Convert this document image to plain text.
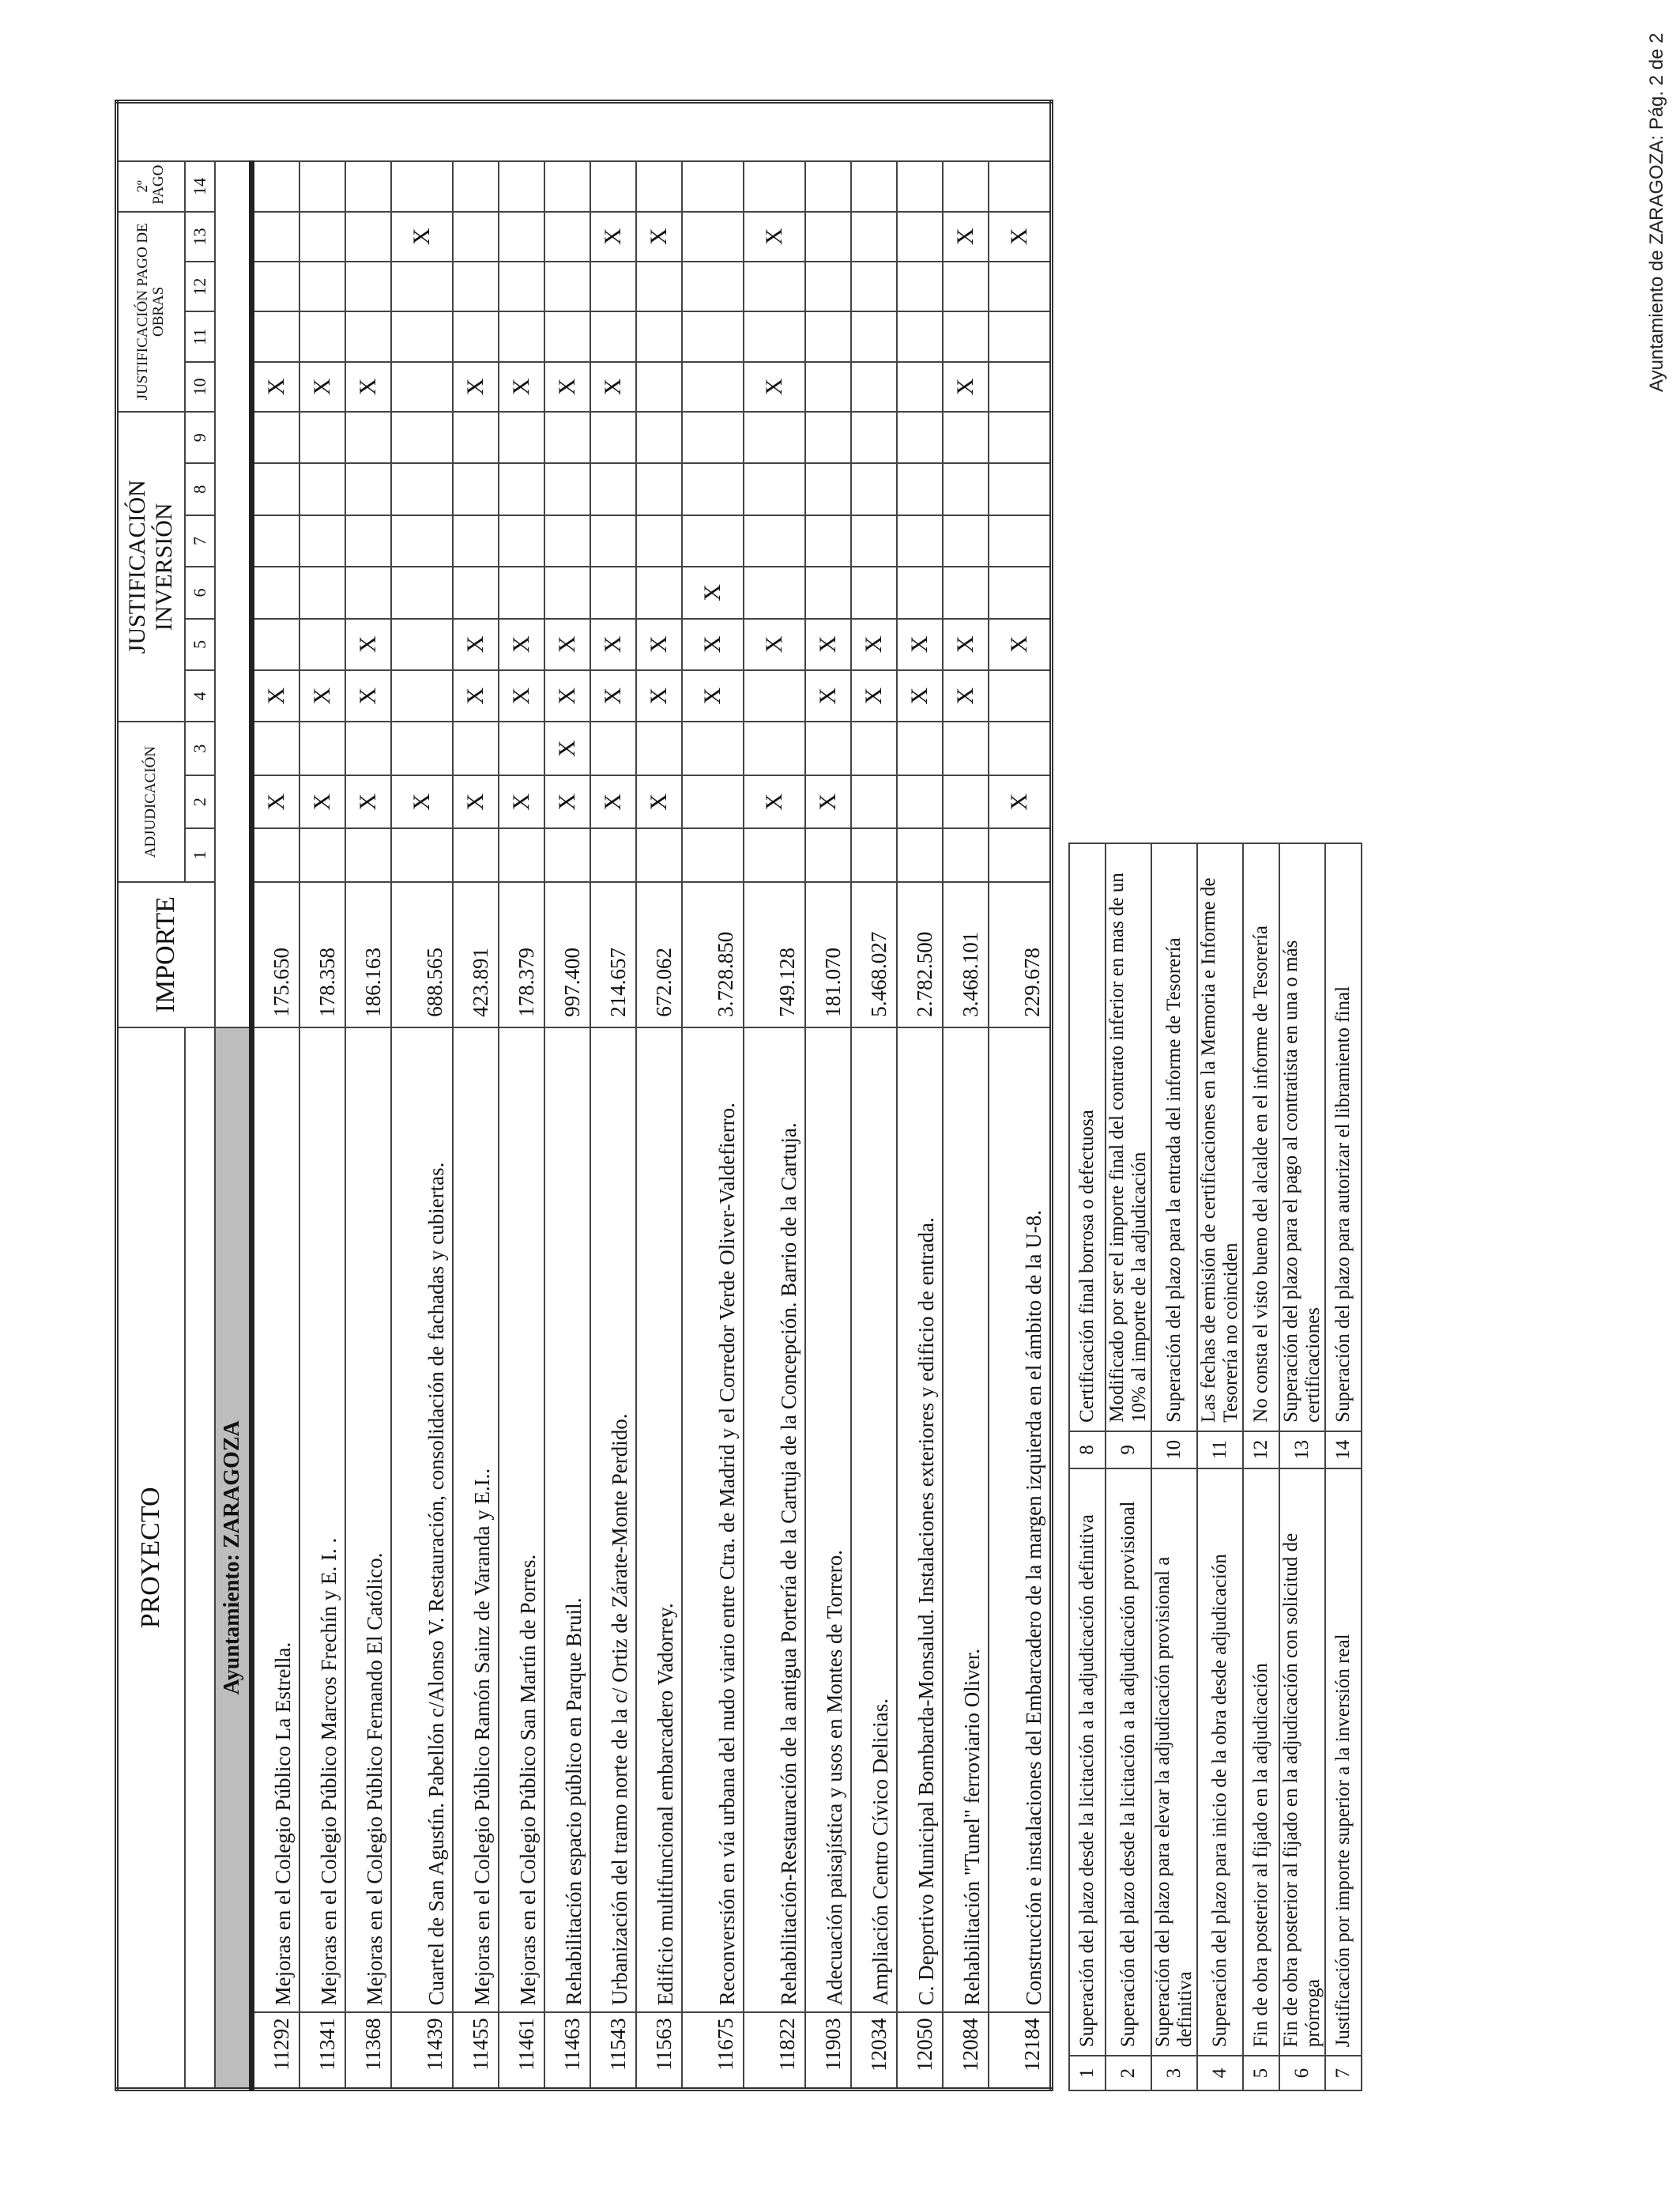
PROYECTO		IMPORTE	ADJUDICACIÓN			JUSTIFICACIÓN INVERSIÓN						JUSTIFICACIÓN PAGO DE OBRAS				2º PAGO

			1	2	3	4	5	6	7	8	9	10	11	12	13	14
Ayuntamiento: ZARAGOZA																
11292	Mejoras en el Colegio Público La Estrella.	175.650		X		X						X				
11341	Mejoras en el Colegio Público Marcos Frechín y E. I. .	178.358		X		X						X				
11368	Mejoras en el Colegio Público Fernando El Católico.	186.163		X		X	X					X				
11439	Cuartel de San Agustín. Pabellón c/Alonso V. Restauración, consolidación de fachadas y cubiertas.	688.565		X											X	
11455	Mejoras en el Colegio Público Ramón Sainz de Varanda y E.I..	423.891		X		X	X					X				
11461	Mejoras en el Colegio Público San Martín de Porres.	178.379		X		X	X					X				
11463	Rehabilitación espacio público en Parque Bruil.	997.400		X	X	X	X					X				
11543	Urbanización del tramo norte de la c/ Ortiz de Zárate-Monte Perdido.	214.657		X		X	X					X			X	
11563	Edificio multifuncional embarcadero Vadorrey.	672.062		X		X	X								X	
11675	Reconversión en vía urbana del nudo viario entre Ctra. de Madrid y el Corredor Verde Oliver-Valdefierro.	3.728.850				X	X	X								
11822	Rehabilitación-Restauración de la antigua Portería de la Cartuja de la Concepción. Barrio de la Cartuja.	749.128		X			X					X			X	
11903	Adecuación paisajística y usos en Montes de Torrero.	181.070		X		X	X									
12034	Ampliación Centro Cívico Delicias.	5.468.027				X	X									
12050	C. Deportivo Municipal Bombarda-Monsalud. Instalaciones exteriores y edificio de entrada.	2.782.500				X	X									
12084	Rehabilitación "Tunel" ferroviario Oliver.	3.468.101				X	X					X			X	
12184	Construcción e instalaciones del Embarcadero de la margen izquierda en el ámbito de la U-8.	229.678		X			X								X	
1	Superación del plazo desde la licitación a la adjudicación definitiva	8	Certificación final borrosa o defectuosa
2	Superación del plazo desde la licitación a la adjudicación provisional	9	Modificado por ser el importe final del contrato inferior en mas de un 10% al importe de la adjudicación
3	Superación del plazo para elevar la adjudicación provisional a definitiva	10	Superación del plazo para la entrada del informe de Tesorería
4	Superación del plazo para inicio de la obra desde adjudicación	11	Las fechas de emisión de certificaciones en la Memoria e Informe de Tesorería no coinciden
5	Fin de obra posterior al fijado en la adjudicación	12	No consta el visto bueno del alcalde en el informe de Tesorería
6	Fin de obra posterior al fijado en la adjudicación con solicitud de prórroga	13	Superación del plazo para el pago al contratista en una o más certificaciones
7	Justificación por importe superior a la inversión real	14	Superación del plazo para autorizar el libramiento final
Ayuntamiento de ZARAGOZA: Pág. 2 de 2
